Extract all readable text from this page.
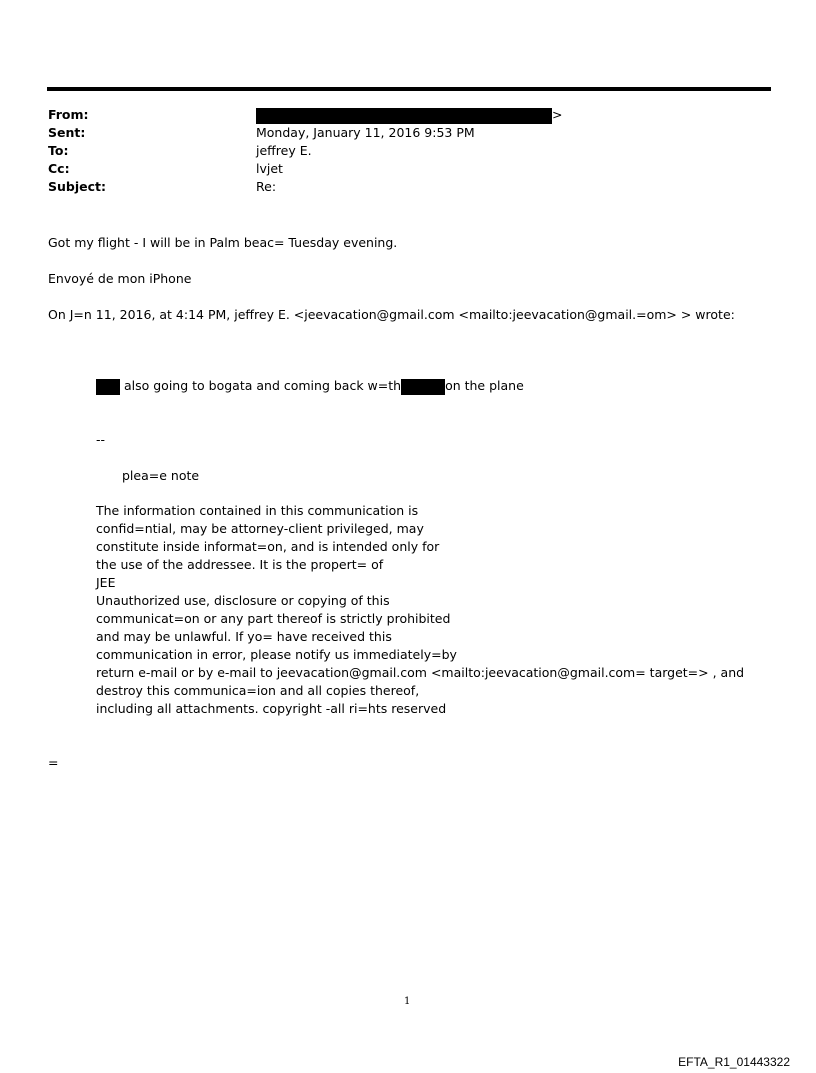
From:	>
Sent:	Monday, January 11, 2016 9:53 PM
To:	jeffrey E.
Cc:	lvjet
Subject:	Re:
Got my flight - I will be in Palm beac= Tuesday evening.
Envoyé de mon iPhone
On J=n 11, 2016, at 4:14 PM, jeffrey E. <jeevacation@gmail.com <mailto:jeevacation@gmail.=om> > wrote:
also going to bogata and coming back w=th	on the plane
--
plea=e note
The information contained in this communication is
confid=ntial, may be attorney-client privileged, may
constitute inside informat=on, and is intended only for
the use of the addressee. It is the propert= of
JEE
Unauthorized use, disclosure or copying of this
communicat=on or any part thereof is strictly prohibited
and may be unlawful. If yo= have received this
communication in error, please notify us immediately=by
return e-mail or by e-mail to jeevacation@gmail.com <mailto:jeevacation@gmail.com= target=> , and
destroy this communica=ion and all copies thereof,
including all attachments. copyright -all ri=hts reserved
=
1
EFTA_R1_01443322
